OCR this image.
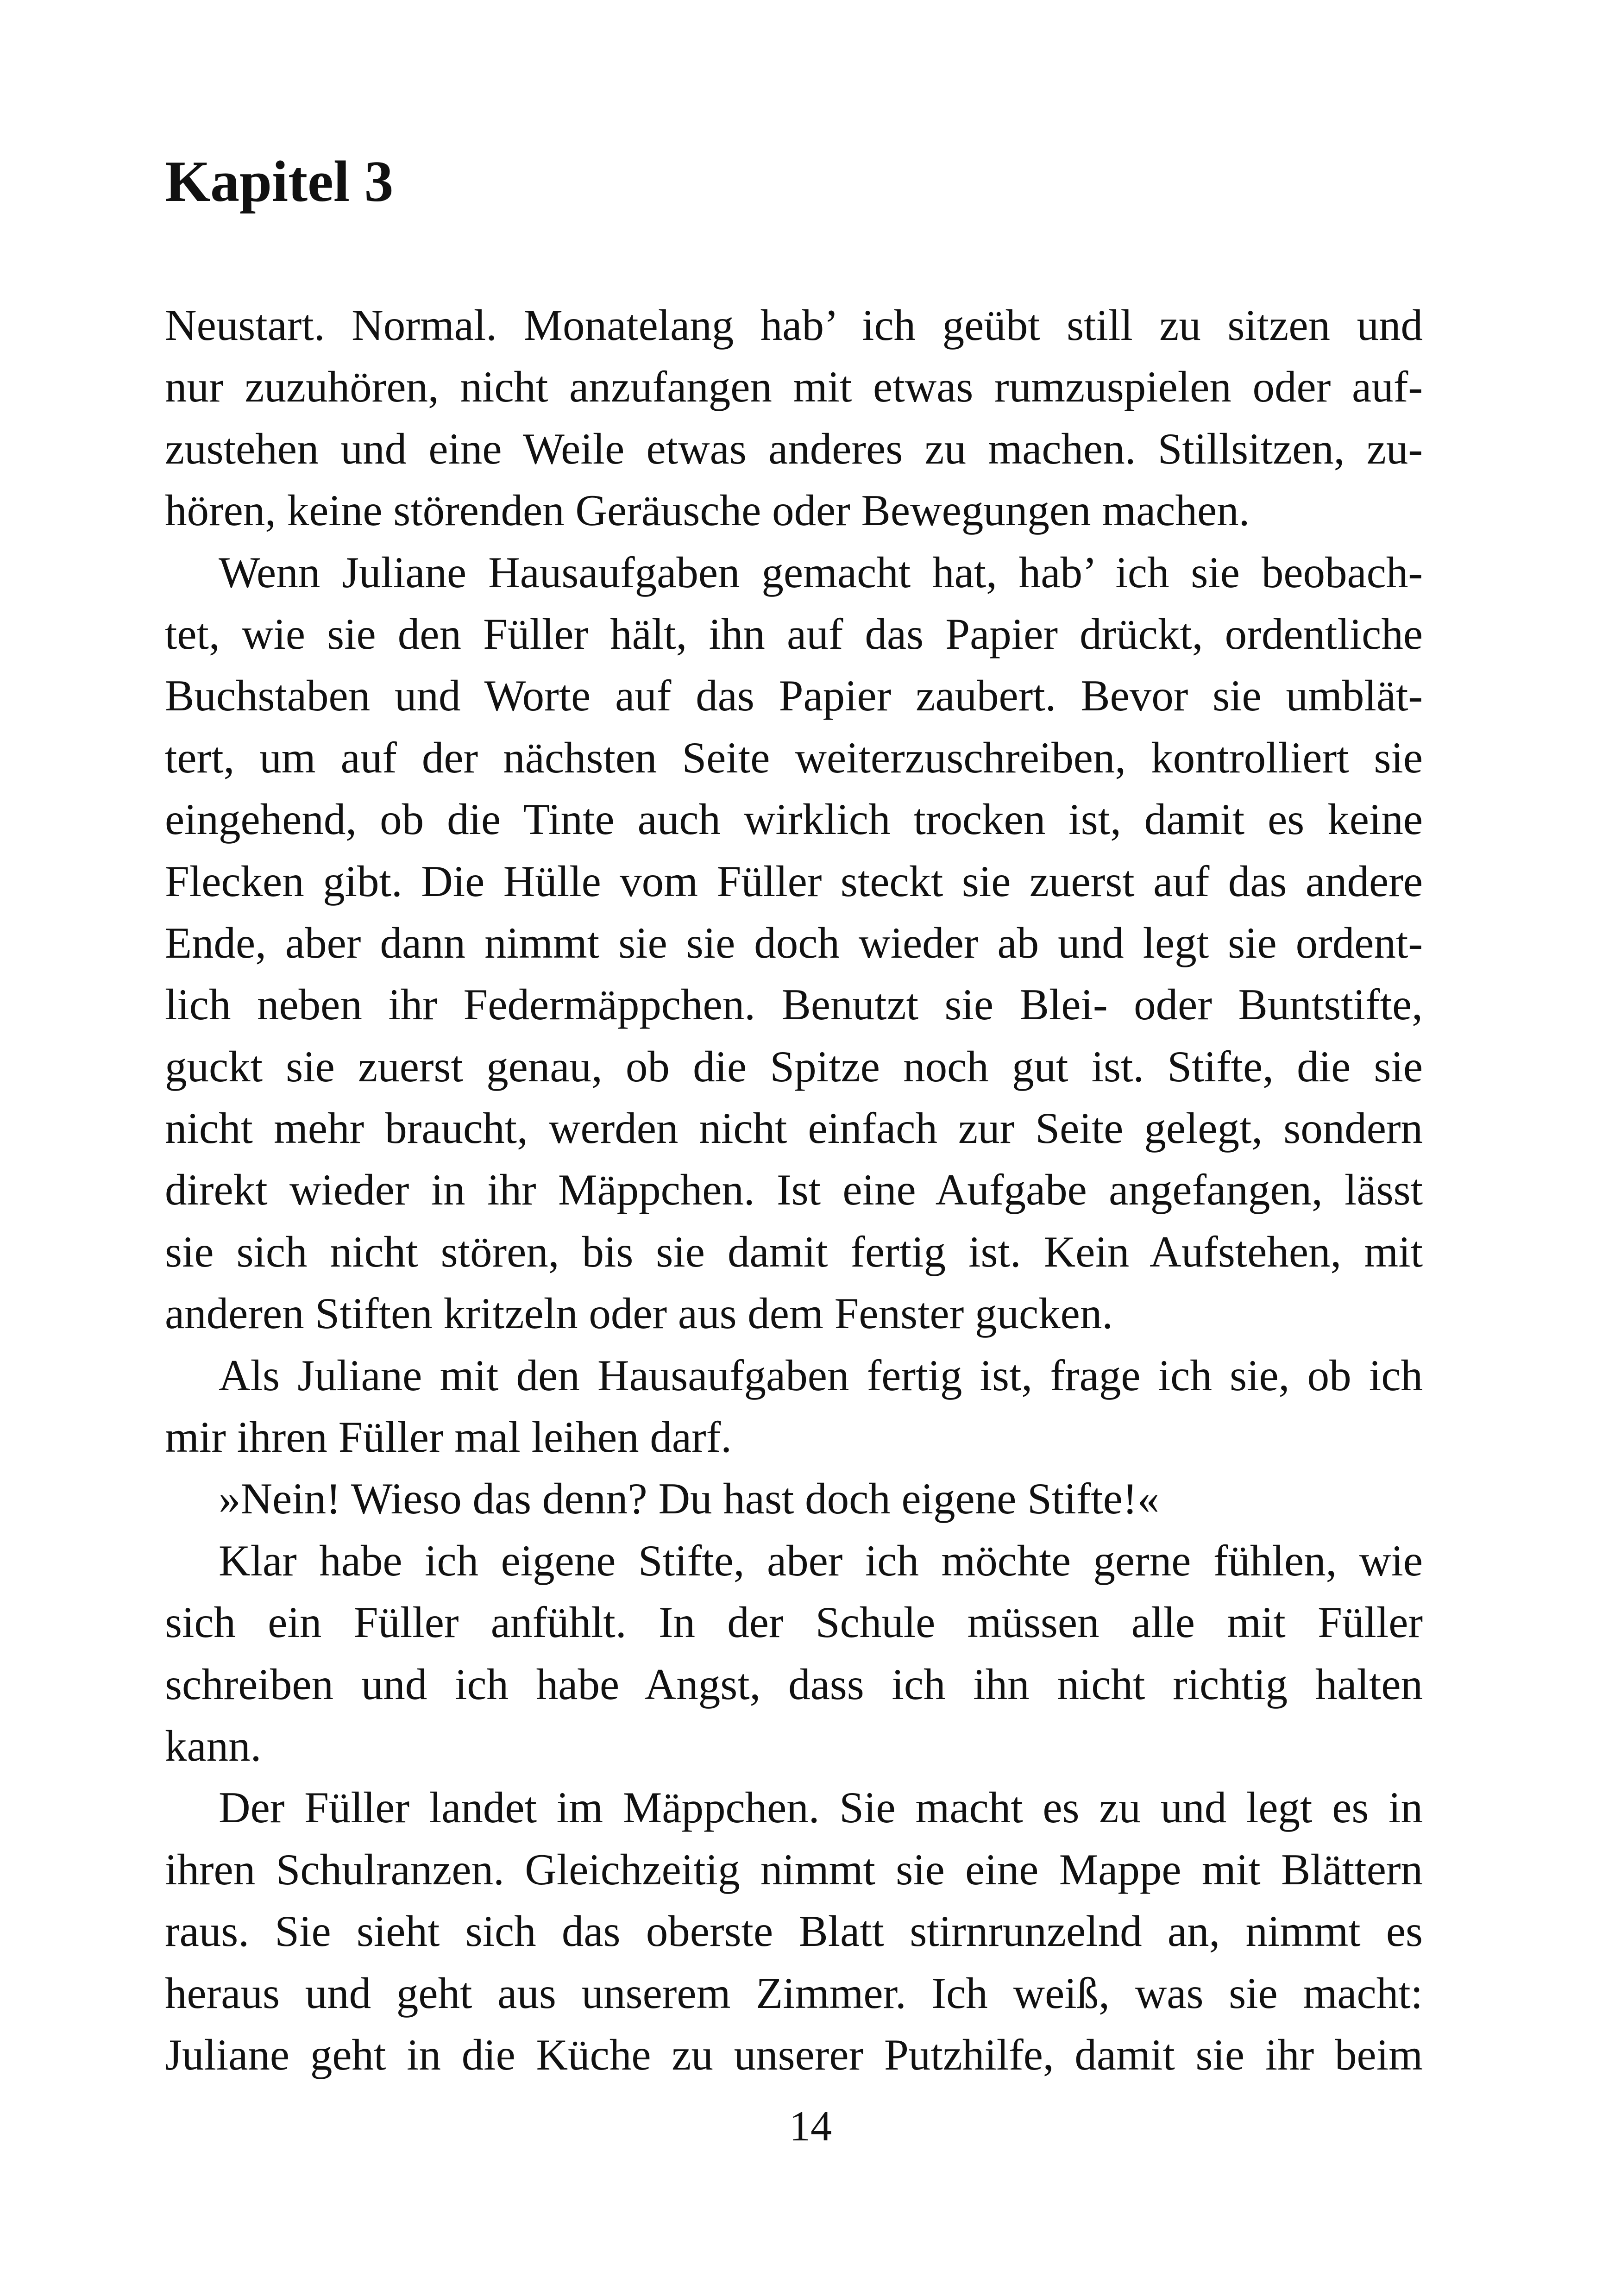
Kapitel 3
Neustart. Normal. Monatelang hab’ ich geübt still zu sitzen und
nur zuzuhören, nicht anzufangen mit etwas rumzuspielen oder auf-
zustehen und eine Weile etwas anderes zu machen. Stillsitzen, zu-
hören, keine störenden Geräusche oder Bewegungen machen.
Wenn Juliane Hausaufgaben gemacht hat, hab’ ich sie beobach-
tet, wie sie den Füller hält, ihn auf das Papier drückt, ordentliche
Buchstaben und Worte auf das Papier zaubert. Bevor sie umblät-
tert, um auf der nächsten Seite weiterzuschreiben, kontrolliert sie
eingehend, ob die Tinte auch wirklich trocken ist, damit es keine
Flecken gibt. Die Hülle vom Füller steckt sie zuerst auf das andere
Ende, aber dann nimmt sie sie doch wieder ab und legt sie ordent-
lich neben ihr Federmäppchen. Benutzt sie Blei- oder Buntstifte,
guckt sie zuerst genau, ob die Spitze noch gut ist. Stifte, die sie
nicht mehr braucht, werden nicht einfach zur Seite gelegt, sondern
direkt wieder in ihr Mäppchen. Ist eine Aufgabe angefangen, lässt
sie sich nicht stören, bis sie damit fertig ist. Kein Aufstehen, mit
anderen Stiften kritzeln oder aus dem Fenster gucken.
Als Juliane mit den Hausaufgaben fertig ist, frage ich sie, ob ich
mir ihren Füller mal leihen darf.
»Nein! Wieso das denn? Du hast doch eigene Stifte!«
Klar habe ich eigene Stifte, aber ich möchte gerne fühlen, wie
sich ein Füller anfühlt. In der Schule müssen alle mit Füller
schreiben und ich habe Angst, dass ich ihn nicht richtig halten
kann.
Der Füller landet im Mäppchen. Sie macht es zu und legt es in
ihren Schulranzen. Gleichzeitig nimmt sie eine Mappe mit Blättern
raus. Sie sieht sich das oberste Blatt stirnrunzelnd an, nimmt es
heraus und geht aus unserem Zimmer. Ich weiß, was sie macht:
Juliane geht in die Küche zu unserer Putzhilfe, damit sie ihr beim
14
